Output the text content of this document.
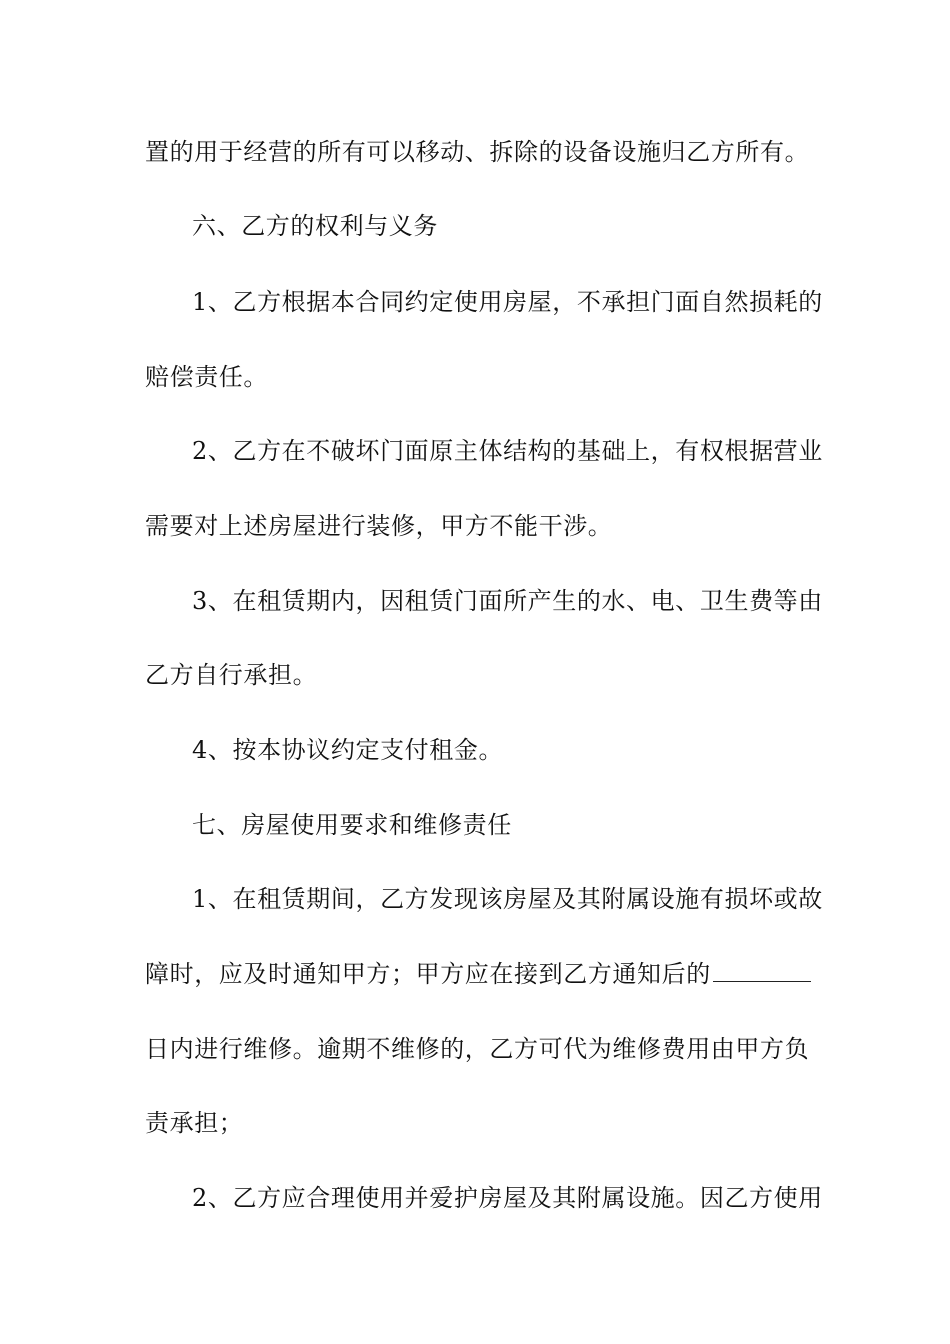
置的用于经营的所有可以移动、拆除的设备设施归乙方所有。
六、乙方的权利与义务
1、乙方根据本合同约定使用房屋，不承担门面自然损耗的
赔偿责任。
2、乙方在不破坏门面原主体结构的基础上，有权根据营业
需要对上述房屋进行装修，甲方不能干涉。
3、在租赁期内，因租赁门面所产生的水、电、卫生费等由
乙方自行承担。
4、按本协议约定支付租金。
七、房屋使用要求和维修责任
1、在租赁期间，乙方发现该房屋及其附属设施有损坏或故
障时，应及时通知甲方；甲方应在接到乙方通知后的
日内进行维修。逾期不维修的，乙方可代为维修费用由甲方负
责承担；
2、乙方应合理使用并爱护房屋及其附属设施。因乙方使用
